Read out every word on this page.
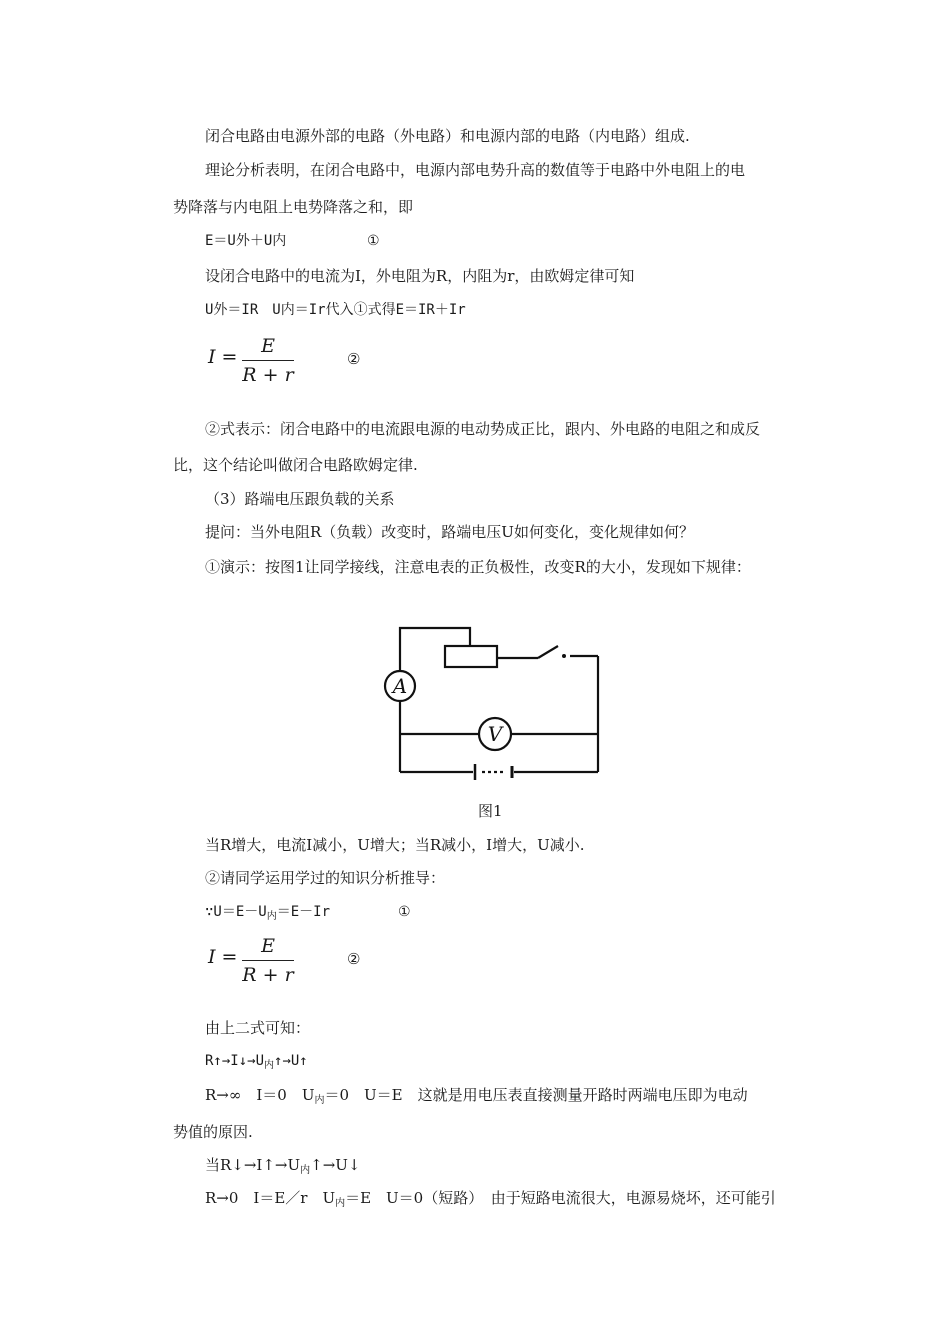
闭合电路由电源外部的电路（外电路）和电源内部的电路（内电路）组成.
理论分析表明，在闭合电路中，电源内部电势升高的数值等于电路中外电阻上的电
势降落与内电阻上电势降落之和，即
E＝U外＋U内	①
设闭合电路中的电流为I，外电阻为R，内阻为r，由欧姆定律可知
U外＝IR　U内＝Ir代入①式得E＝IR＋Ir
I =	E
R + r
②
②式表示：闭合电路中的电流跟电源的电动势成正比，跟内、外电路的电阻之和成反
比，这个结论叫做闭合电路欧姆定律.
（3）路端电压跟负载的关系
提问：当外电阻R（负载）改变时，路端电压U如何变化，变化规律如何？
①演示：按图1让同学接线，注意电表的正负极性，改变R的大小，发现如下规律：
A
V
图1
当R增大，电流I减小，U增大；当R减小，I增大，U减小.
②请同学运用学过的知识分析推导：
$\because U=E-U_内=E-Ir$	①
I =	E
R + r
②
由上二式可知：
$R↑\to I↓\to U_内↑\to U↑$
R→∞　I＝0　$U_内=0$　U＝E　这就是用电压表直接测量开路时两端电压即为电动
势值的原因.
当$R↓\to I↑\to U_内↑\to U↓$
R→0　I＝E／r　$U_内=E$　U＝0（短路）　由于短路电流很大，电源易烧坏，还可能引
